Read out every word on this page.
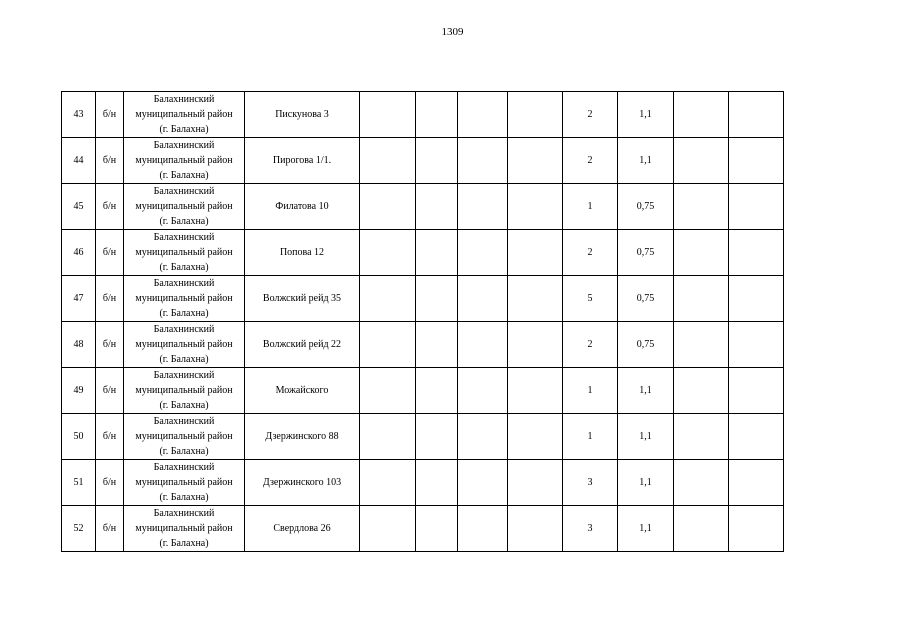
1309
43	б/н	Балахнинский
муниципальный район
(г. Балахна)	Пискунова 3					2	1,1		
44	б/н	Балахнинский
муниципальный район
(г. Балахна)	Пирогова 1/1.					2	1,1		
45	б/н	Балахнинский
муниципальный район
(г. Балахна)	Филатова 10					1	0,75		
46	б/н	Балахнинский
муниципальный район
(г. Балахна)	Попова 12					2	0,75		
47	б/н	Балахнинский
муниципальный район
(г. Балахна)	Волжский рейд 35					5	0,75		
48	б/н	Балахнинский
муниципальный район
(г. Балахна)	Волжский рейд 22					2	0,75		
49	б/н	Балахнинский
муниципальный район
(г. Балахна)	Можайского					1	1,1		
50	б/н	Балахнинский
муниципальный район
(г. Балахна)	Дзержинского 88					1	1,1		
51	б/н	Балахнинский
муниципальный район
(г. Балахна)	Дзержинского 103					3	1,1		
52	б/н	Балахнинский
муниципальный район
(г. Балахна)	Свердлова 26					3	1,1		
